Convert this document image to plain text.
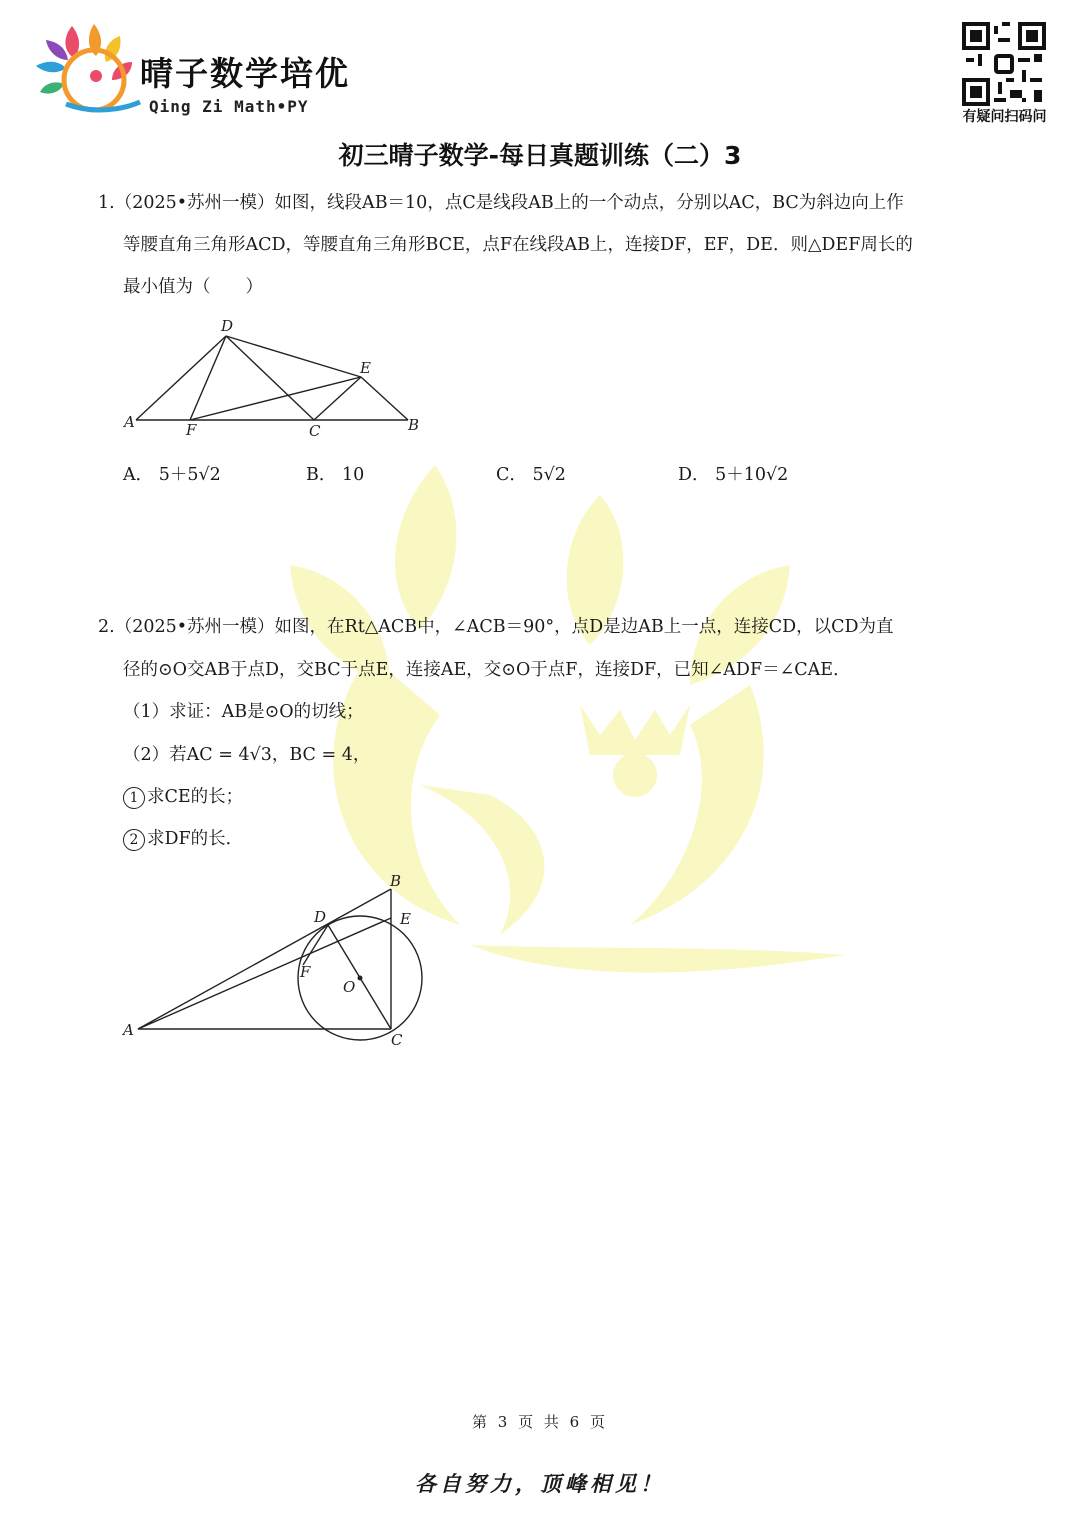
晴子数学培优
Qing Zi Math•PY
有疑问扫码问
初三晴子数学-每日真题训练（二）3
1.（2025•苏州一模）如图，线段AB＝10，点C是线段AB上的一个动点，分别以AC，BC为斜边向上作
等腰直角三角形ACD，等腰直角三角形BCE，点F在线段AB上，连接DF，EF，DE．则△DEF周长的
最小值为（　　）
D
E
A	F	C	B
A． 5＋5√2	B． 10	C． 5√2	D． 5＋10√2
2.（2025•苏州一模）如图，在Rt△ACB中，∠ACB＝90°，点D是边AB上一点，连接CD，以CD为直
径的⊙O交AB于点D，交BC于点E，连接AE，交⊙O于点F，连接DF，已知∠ADF＝∠CAE．
（1）求证：AB是⊙O的切线；
（2）若AC = 4√3，BC = 4，
1 求CE的长；
2 求DF的长．
B
D	E
F
O
A
C
第 3 页 共 6 页
各自努力，顶峰相见！
